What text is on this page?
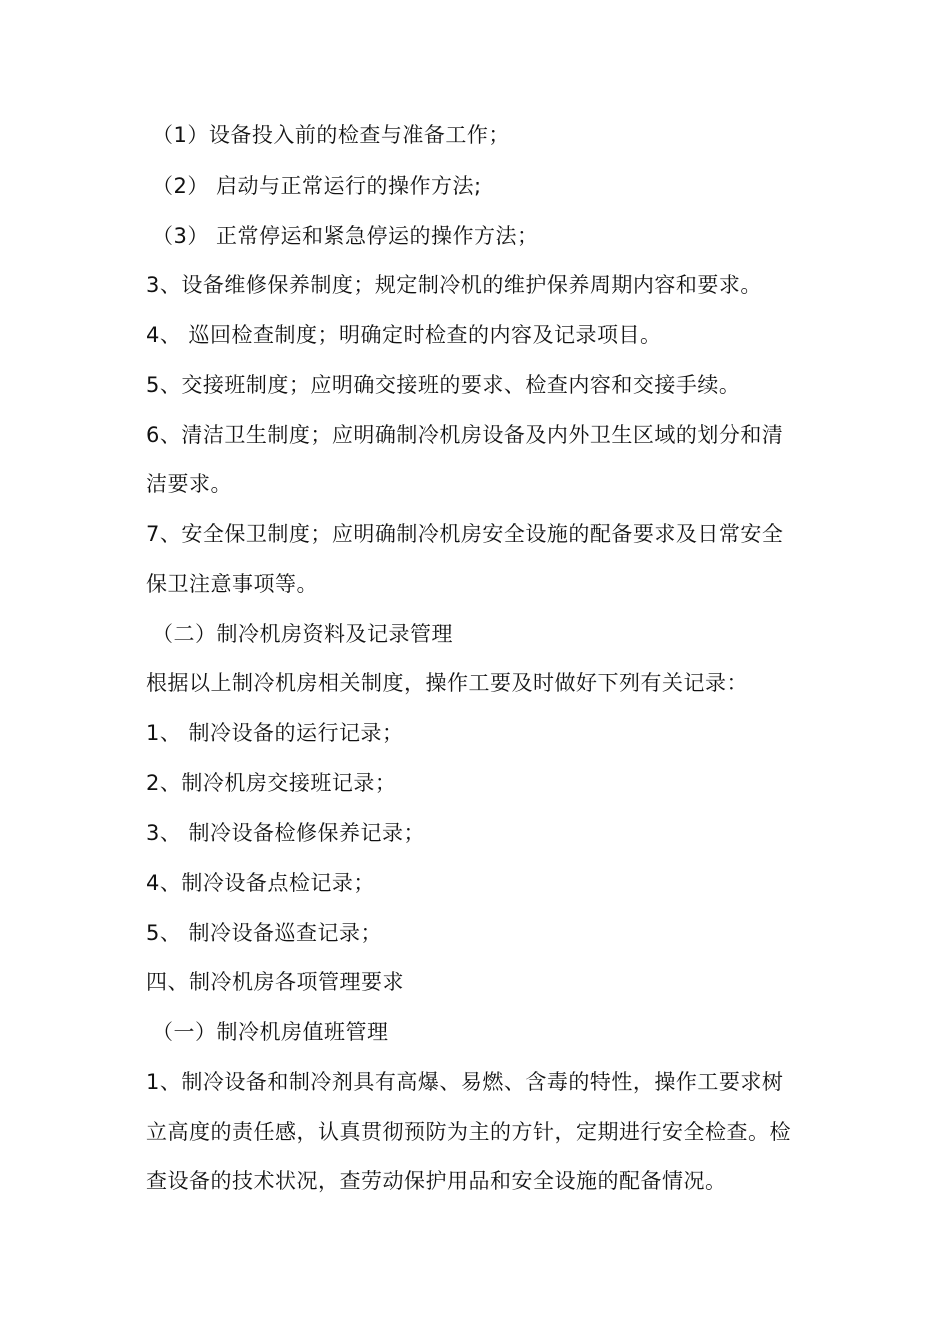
（1）设备投入前的检查与准备工作；
（2） 启动与正常运行的操作方法;
（3） 正常停运和紧急停运的操作方法；
3、设备维修保养制度；规定制冷机的维护保养周期内容和要求。
4、 巡回检查制度；明确定时检查的内容及记录项目。
5、交接班制度；应明确交接班的要求、检查内容和交接手续。
6、清洁卫生制度；应明确制冷机房设备及内外卫生区域的划分和清
洁要求。
7、安全保卫制度；应明确制冷机房安全设施的配备要求及日常安全
保卫注意事项等。
（二）制冷机房资料及记录管理
根据以上制冷机房相关制度，操作工要及时做好下列有关记录：
1、 制冷设备的运行记录；
2、制冷机房交接班记录；
3、 制冷设备检修保养记录；
4、制冷设备点检记录；
5、 制冷设备巡查记录；
四、制冷机房各项管理要求
（一）制冷机房值班管理
1、制冷设备和制冷剂具有高爆、易燃、含毒的特性，操作工要求树
立高度的责任感，认真贯彻预防为主的方针，定期进行安全检查。检
查设备的技术状况，查劳动保护用品和安全设施的配备情况。
